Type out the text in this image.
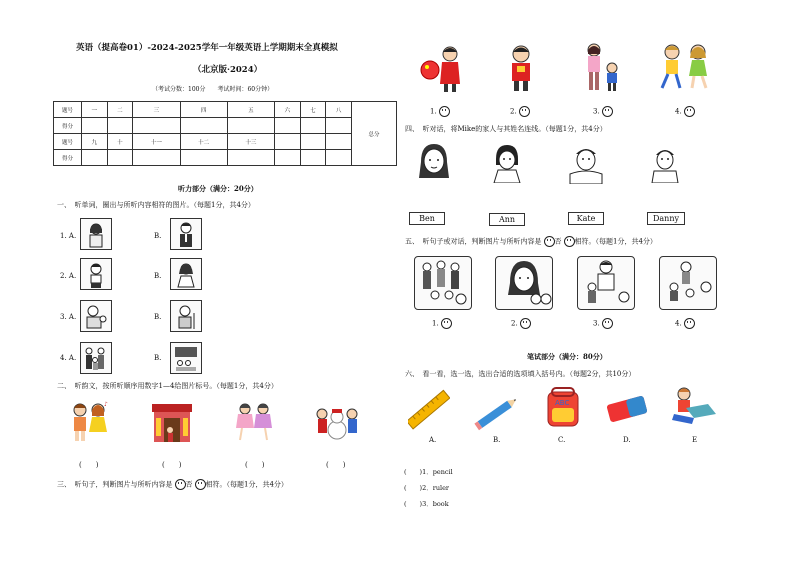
英语（提高卷01）-2024-2025学年一年级英语上学期期末全真模拟
（北京版·2024）
（考试分数：100分　　考试时间：60分钟）
题号	一	二	三	四	五	六	七	八	总分
得分									
题号	九	十	十一	十二	十三				
得分									
听力部分（满分：20分）
一、　听单词，圈出与所听内容相符的图片。（每题1分，共4分）
1. A.	B.
2. A.	B.
3. A.	B.
4. A.	B.
二、　听韵文，按所听顺序用数字1—4给图片标号。（每题1分，共4分）
♪
(　　)	(　　)	(　　)	(　　)
三、　听句子，判断图片与所听内容是 否 相符。（每题1分，共4分）
1.	2.	3.	4.
四、　听对话，将Mike的家人与其姓名连线。（每题1分，共4分）
Ben	Ann	Kate	Danny
五、　听句子或对话，判断图片与所听内容是 否 相符。（每题1分，共4分）
1.	2.	3.	4.
笔试部分（满分：80分）
六、　看一看，选一选，选出合适的选项填入括号内。（每题2分，共10分）
ABC
A.	B.	C.	D.	E
(　　)1．pencil
(　　)2．ruler
(　　)3．book
